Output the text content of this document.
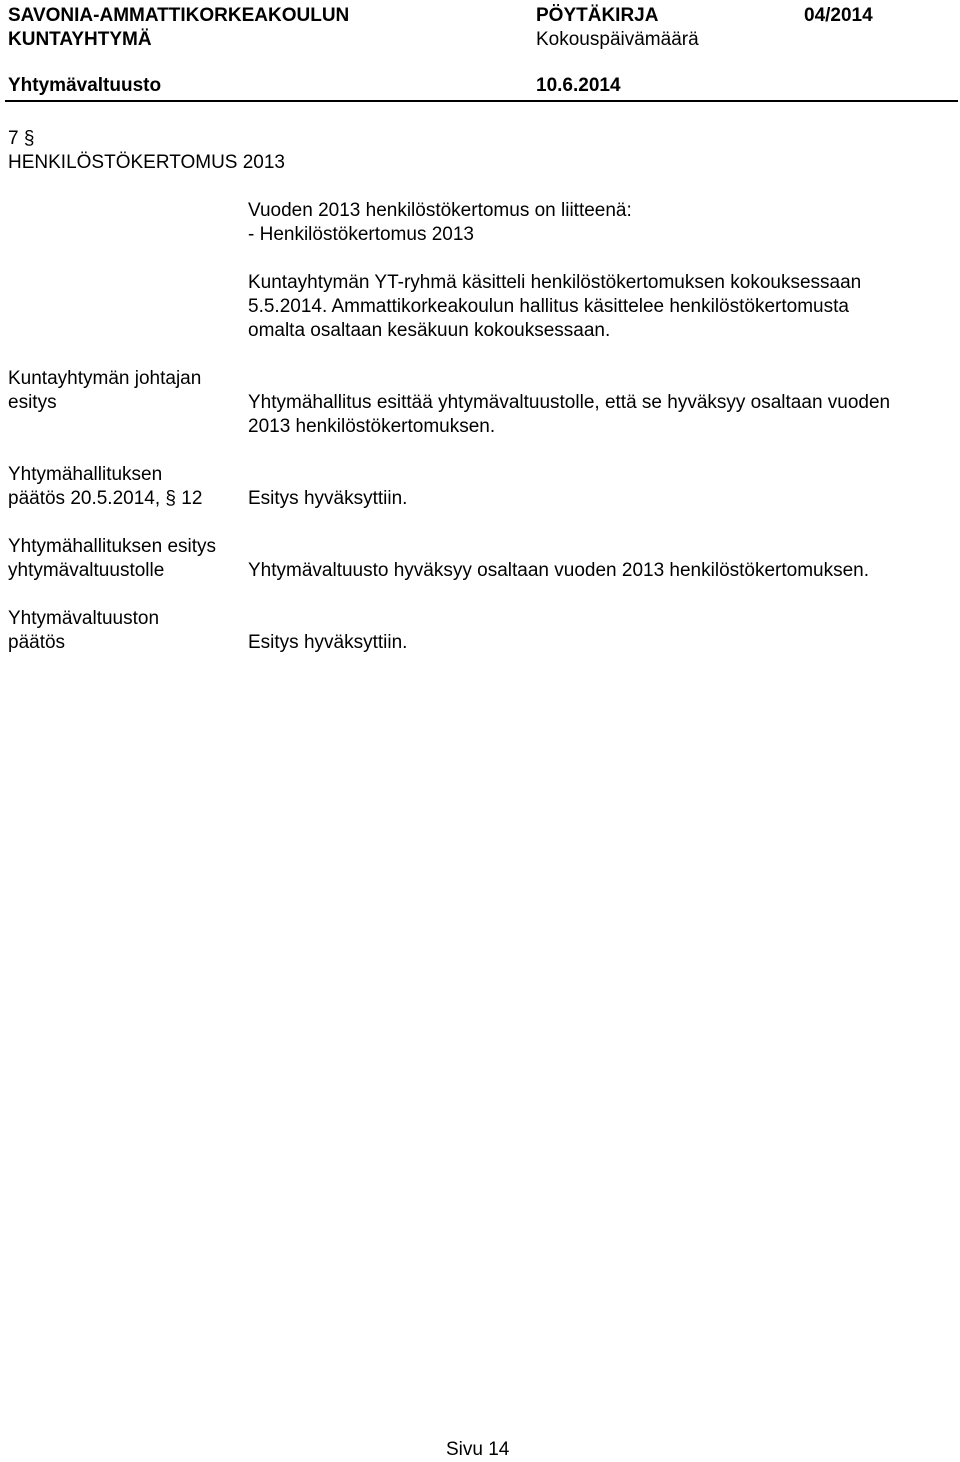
SAVONIA-AMMATTIKORKEAKOULUN
KUNTAYHTYMÄ
PÖYTÄKIRJA
Kokouspäivämäärä
04/2014
Yhtymävaltuusto	10.6.2014
7 §
HENKILÖSTÖKERTOMUS 2013
Vuoden 2013 henkilöstökertomus on liitteenä:
- Henkilöstökertomus 2013
Kuntayhtymän YT-ryhmä käsitteli henkilöstökertomuksen kokouksessaan
5.5.2014. Ammattikorkeakoulun hallitus käsittelee henkilöstökertomusta
omalta osaltaan kesäkuun kokouksessaan.
Kuntayhtymän johtajan
esitys	Yhtymähallitus esittää yhtymävaltuustolle, että se hyväksyy osaltaan vuoden
2013 henkilöstökertomuksen.
Yhtymähallituksen
päätös 20.5.2014, § 12 Esitys hyväksyttiin.
Yhtymähallituksen esitys
yhtymävaltuustolle	Yhtymävaltuusto hyväksyy osaltaan vuoden 2013 henkilöstökertomuksen.
Yhtymävaltuuston
päätös	Esitys hyväksyttiin.
Sivu 14
